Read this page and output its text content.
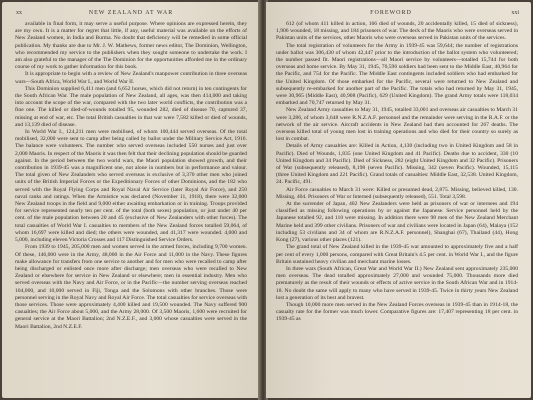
xx	NEW ZEALAND AT WAR

available in final form, it may serve a useful purpose. Where opinions are expressed herein, they are my own. It is a matter for regret that little, if any, useful material was available on the efforts of New Zealand women, in India and Burma. No doubt that deficiency will be remedied in some official publication. My thanks are due to Mr. J. W. Mathews, former news editor, The Dominion, Wellington, who recommended my service to the publishers when they sought someone to undertake the work. I am also grateful to the manager of the The Dominion for the opportunities afforded me in the ordinary course of my work to gather information for this book.

It is appropriate to begin with a review of New Zealand's manpower contribution in three overseas wars—South Africa, World War I., and World War II.

This Dominion supplied 6,411 men (and 6,652 horses, which did not return) in ten contingents for the South African War. The male population of New Zealand, all ages, was then 414,000 and taking into account the scope of the war, compared with the two later world conflicts, the contribution was a fine one. The killed or died-of-wounds totalled 95, wounded 282, died of disease 70, captured 37, missing at end of war, etc. The total British casualties in that war were 7,582 killed or died of wounds, and 13,139 died of disease.

In World War I., 124,211 men were mobilised, of whom 100,444 served overseas. Of the total mobilised, 32,000 were sent to camp after being called by ballot under the Military Service Act, 1916. The balance were volunteers. The number who served overseas included 550 nurses and just over 2,000 Maoris. In respect of the Maoris it was then felt that their declining population should be guarded against. In the period between the two world wars, the Maori population showed growth, and their contribution in 1939-45 was a magnificent one, not alone in numbers but in performance and valour. The total given of New Zealanders who served overseas is exclusive of 3,370 other men who joined units of the British Imperial Forces or the Expeditionary Forces of other Dominions, and the 182 who served with the Royal Flying Corps and Royal Naval Air Service (later Royal Air Force), and 250 naval ranks and ratings. When the Armistice was declared (November 11, 1918), there were 32,000 New Zealand troops in the field and 9,000 either awaiting embarkation or in training. Troops provided for service represented nearly ten per cent. of the total (both sexes) population, or just under 40 per cent. of the male population between 20 and 45 (exclusive of New Zealanders with other forces). The total casualties of World War I. casualties to members of the New Zealand forces totalled 59,064, of whom 16,697 were killed and died; the others were wounded, and 41,317 were wounded. 4,000 and 5,000, including eleven Victoria Crosses and 117 Distinguished Service Orders.

From 1939 to 1945, 205,000 men and women served in the armed forces, including 9,700 women. Of these, 146,000 were in the Army, 48,000 in the Air Force and 11,000 in the Navy. These figures make allowance for transfers from one service to another and for men who were recalled to camp after being discharged or enlisted once more after discharge; men overseas who were recalled to New Zealand or elsewhere for service in New Zealand or elsewhere; men in essential industry. Men who served overseas with the Navy and Air Force, or in the Pacific—the number serving overseas reached 104,000, and 10,000 served in Fiji, Tonga and the Solomons with other branches. Those were personnel serving in the Royal Navy and Royal Air Force. The total casualties for service overseas with those services. Those were approximately 4,400 killed and 19,500 wounded. The Navy suffered 900 casualties; the Air Force about 5,000, and the Army 28,000. Of 3,500 Maoris, 1,600 were recruited for general service at the Maori Battalion; 2nd N.Z.E.F., and 3,000 whose casualties were served in the Maori Battalion, 2nd N.Z.E.F.

FOREWORD	xxi

612 (of whom 411 killed in action, 166 died of wounds, 20 accidentally killed, 15 died of sickness), 1,906 wounded, 18 missing, and 184 prisoners of war. The deck of the Maoris who were overseas served in Pakistan units of the services, other Maoris who were overseas served in Pakistan units of the services.

The total registration of volunteers for the Army in 1939-45 was 59,644; the number of registrations under ballot was 306,430 of whom 42,447 prior to the introduction of the ballot system who volunteered; the number passed fit. Maori registrations—all Maori service by volunteers—totalled 15,744 for both overseas and home service. By May 31, 1945, 70,596 soldiers had been sent to the Middle East, 40,964 for the Pacific, and 754 for the Pacific. The Middle East contingents included soldiers who had embarked for the United Kingdom. Of those embarked for the Pacific, several were returned to New Zealand and subsequently re-embarked for another part of the Pacific. The totals who had returned by May 31, 1945, were 30,965 (Middle East), 40,908 (Pacific), 629 (United Kingdom). The grand Army totals were 118,034 embarked and 70,747 returned by May 31.

New Zealand Army casualties to May 31, 1945, totalled 33,001 and overseas air casualties to March 31 were 3,286, of whom 3,648 were R.N.Z.A.F. personnel and the remainder were serving in the R.A.F. or the network of the air service. Aircraft accidents in New Zealand had then accounted for 267 deaths. The overseas killed total of young men lost in training operations and who died for their country so surely as lost in combat.

Details of Army casualties are: Killed in Action, 4,130 (including two in United Kingdom and 58 in Pacific). Died of Wounds, 1,835 (one United Kingdom and 41 Pacific). Deaths due to accident, 330 (10 United Kingdom and 34 Pacific). Died of Sickness, 282 (eight United Kingdom and 32 Pacific). Prisoners of War (subsequently released), 8,198 (seven Pacific). Missing, 342 (seven Pacific). Wounded, 15,115 (three United Kingdom and 221 Pacific). Grand totals of casualties: Middle East, 32,538. United Kingdom, 24. Pacific, 491.

Air Force casualties to March 31 were: Killed or presumed dead, 2,875. Missing, believed killed, 130. Missing, 404. Prisoners of War or Interned (subsequently released), 551. Total 3,598.

At the surrender of Japan, 402 New Zealanders were held as prisoners of war or internees and 194 classified as missing following operations by or against the Japanese. Service personnel held by the Japanese totalled 92, and 110 were missing. In addition there were 98 men of the New Zealand Merchant Marine held and 399 other civilians. Prisoners of war and civilians were located in Japan (64), Malaya (152 including 53 civilians and 34 of whom are R.N.Z.A.F. personnel), Shanghai (67), Thailand (44), Hong Kong (27), various other places (121).

The grand total of New Zealand killed in the 1939-45 war amounted to approximately five and a half per cent of every 1,000 persons, compared with Great Britain's 4.5 per cent. in World War I., and the figure Britain sustained heavy civilian and merchant marine losses.

In three wars (South African, Great War and World War II.) New Zealand sent approximately 235,000 men overseas. The dead totalled approximately 27,000 and wounded 75,000. Thousands more died prematurely as the result of their wounds or effects of active service in the South African War and in 1914-18. No doubt the same will apply to many who have served in 1939-45. Twice in thirty years New Zealand lost a generation of its best and bravest.

Though 10,000 more men served in the New Zealand Forces overseas in 1939-45 than in 1914-18, the casualty rate for the former was much lower. Comparative figures are: 17,407 representing 18 per cent. in 1939-45 as
